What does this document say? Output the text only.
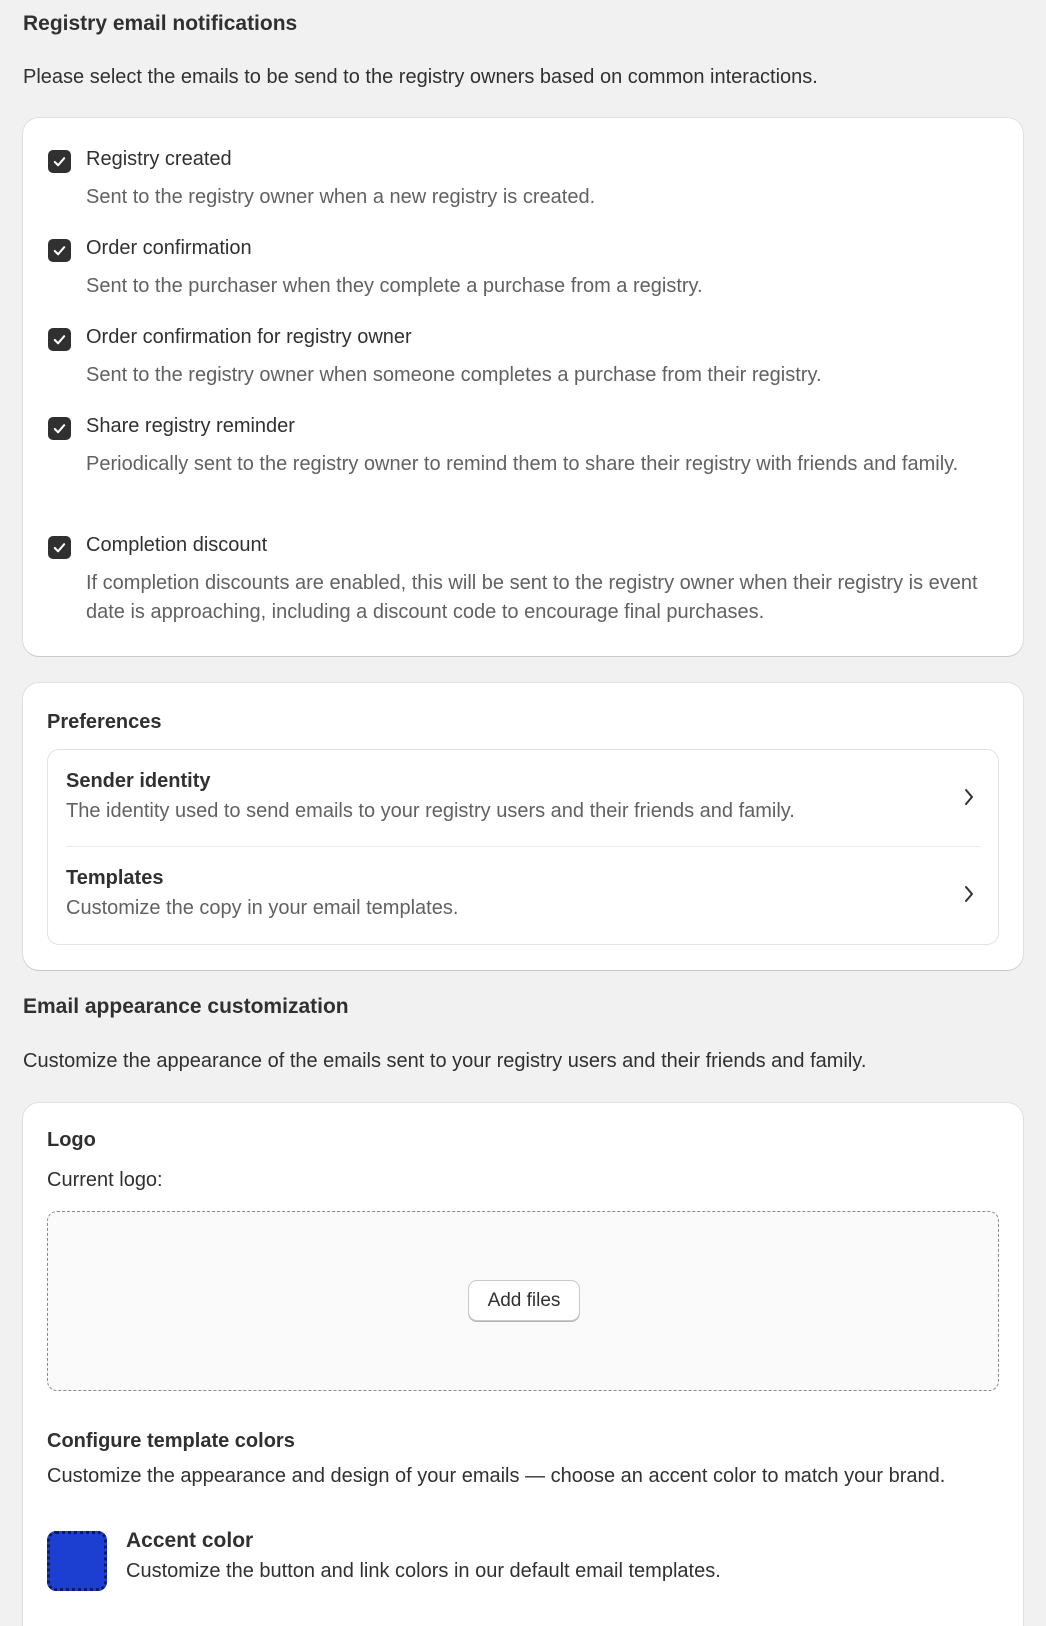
Registry email notifications
Please select the emails to be send to the registry owners based on common interactions.
Registry created
Sent to the registry owner when a new registry is created.
Order confirmation
Sent to the purchaser when they complete a purchase from a registry.
Order confirmation for registry owner
Sent to the registry owner when someone completes a purchase from their registry.
Share registry reminder
Periodically sent to the registry owner to remind them to share their registry with friends and family.
Completion discount
If completion discounts are enabled, this will be sent to the registry owner when their registry is event date is approaching, including a discount code to encourage final purchases.
Preferences
Sender identity
The identity used to send emails to your registry users and their friends and family.
Templates
Customize the copy in your email templates.
Email appearance customization
Customize the appearance of the emails sent to your registry users and their friends and family.
Logo
Current logo:
Add files
Configure template colors
Customize the appearance and design of your emails — choose an accent color to match your brand.
Accent color
Customize the button and link colors in our default email templates.
